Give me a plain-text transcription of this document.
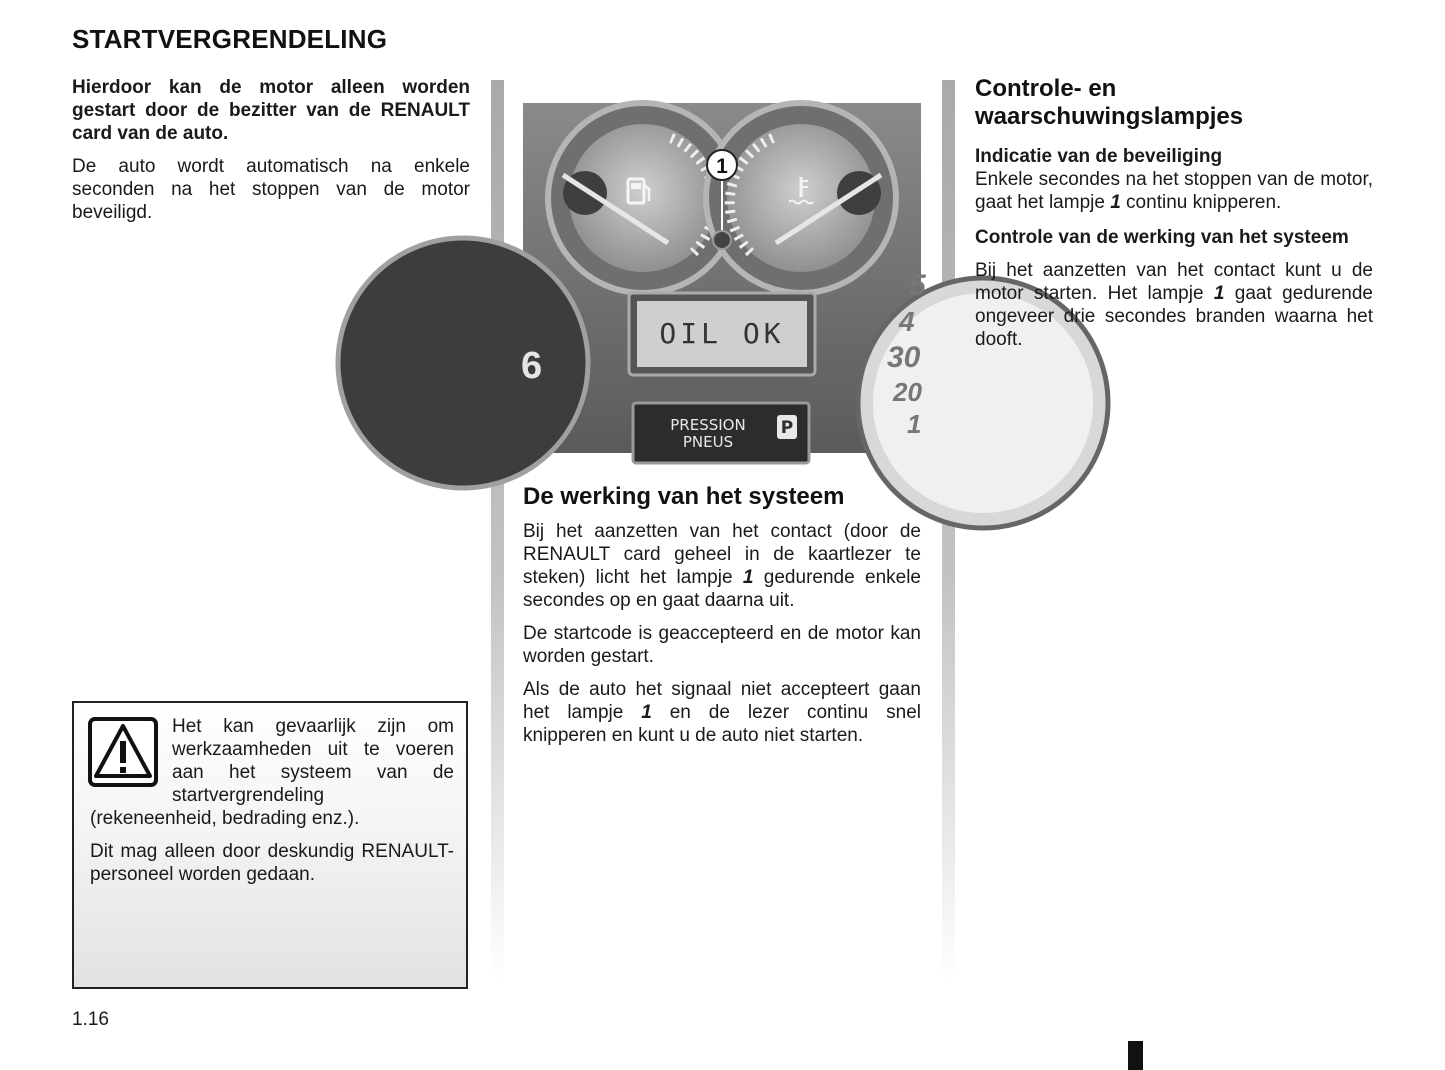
STARTVERGRENDELING

Hierdoor kan de motor alleen worden gestart door de bezitter van de RENAULT card van de auto.

De auto wordt automatisch na enkele seconden na het stoppen van de motor beveiligd.

Het kan gevaarlijk zijn om werkzaamheden uit te voeren aan het systeem van de startvergrendeling (rekeneenheid, bedrading enz.).

Dit mag alleen door deskundig RENAULT-personeel worden gedaan.

1
OIL OK
PRESSION
PNEUS
P
5
4
30
20
1
6
De werking van het systeem

Bij het aanzetten van het contact (door de RENAULT card geheel in de kaartlezer te steken) licht het lampje 1 gedurende enkele secondes op en gaat daarna uit.

De startcode is geaccepteerd en de motor kan worden gestart.

Als de auto het signaal niet accepteert gaan het lampje 1 en de lezer continu snel knipperen en kunt u de auto niet starten.

Controle- en
waarschuwingslampjes
Indicatie van de beveiliging

Enkele secondes na het stoppen van de motor, gaat het lampje 1 continu knipperen.

Controle van de werking van het systeem

Bij het aanzetten van het contact kunt u de motor starten. Het lampje 1 gaat gedurende ongeveer drie secondes branden waarna het dooft.

1.16
